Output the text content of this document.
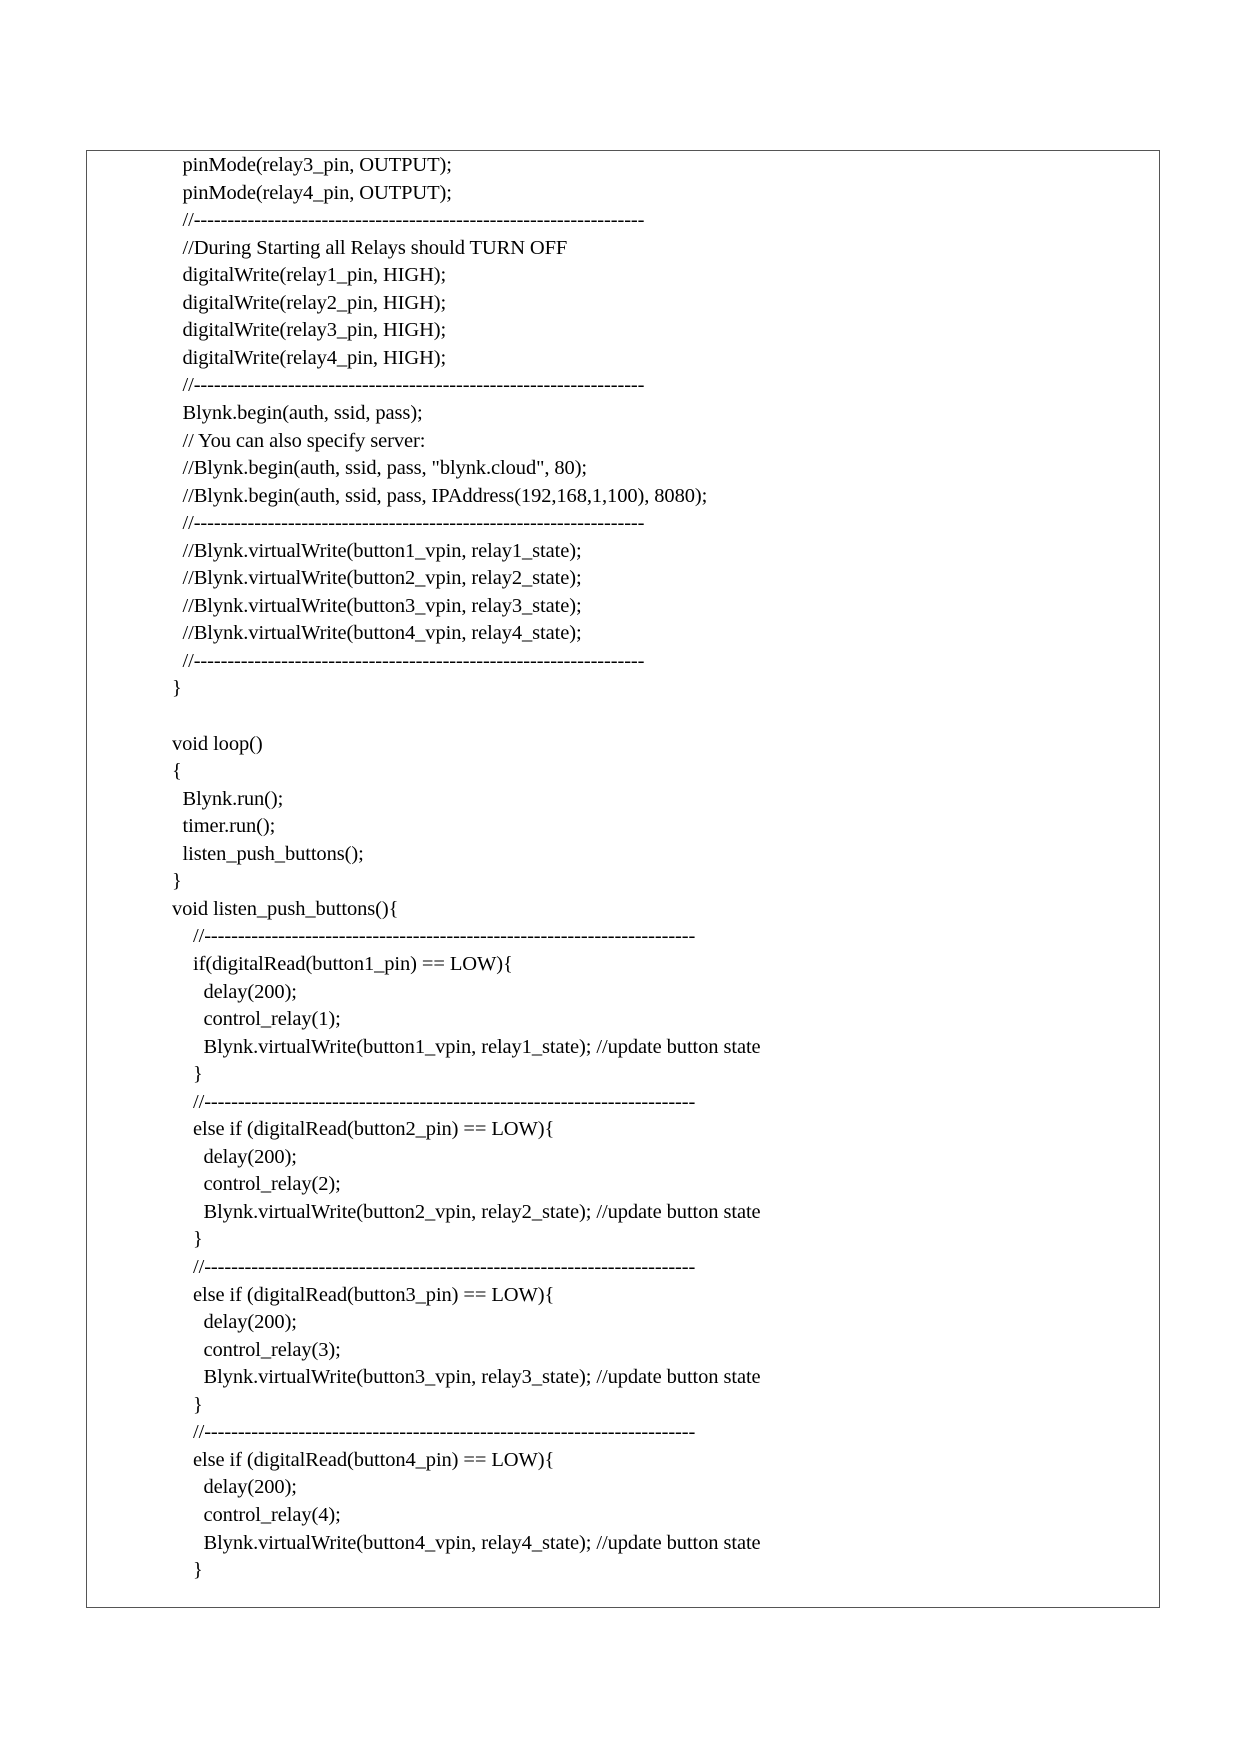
pinMode(relay3_pin, OUTPUT);
pinMode(relay4_pin, OUTPUT);
//-------------------------------------------------------------------
//During Starting all Relays should TURN OFF
digitalWrite(relay1_pin, HIGH);
digitalWrite(relay2_pin, HIGH);
digitalWrite(relay3_pin, HIGH);
digitalWrite(relay4_pin, HIGH);
//-------------------------------------------------------------------
Blynk.begin(auth, ssid, pass);
// You can also specify server:
//Blynk.begin(auth, ssid, pass, "blynk.cloud", 80);
//Blynk.begin(auth, ssid, pass, IPAddress(192,168,1,100), 8080);
//-------------------------------------------------------------------
//Blynk.virtualWrite(button1_vpin, relay1_state);
//Blynk.virtualWrite(button2_vpin, relay2_state);
//Blynk.virtualWrite(button3_vpin, relay3_state);
//Blynk.virtualWrite(button4_vpin, relay4_state);
//-------------------------------------------------------------------
}
void loop()
{
Blynk.run();
timer.run();
listen_push_buttons();
}
void listen_push_buttons(){
//-------------------------------------------------------------------------
if(digitalRead(button1_pin) == LOW){
delay(200);
control_relay(1);
Blynk.virtualWrite(button1_vpin, relay1_state); //update button state
}
//-------------------------------------------------------------------------
else if (digitalRead(button2_pin) == LOW){
delay(200);
control_relay(2);
Blynk.virtualWrite(button2_vpin, relay2_state); //update button state
}
//-------------------------------------------------------------------------
else if (digitalRead(button3_pin) == LOW){
delay(200);
control_relay(3);
Blynk.virtualWrite(button3_vpin, relay3_state); //update button state
}
//-------------------------------------------------------------------------
else if (digitalRead(button4_pin) == LOW){
delay(200);
control_relay(4);
Blynk.virtualWrite(button4_vpin, relay4_state); //update button state
}
